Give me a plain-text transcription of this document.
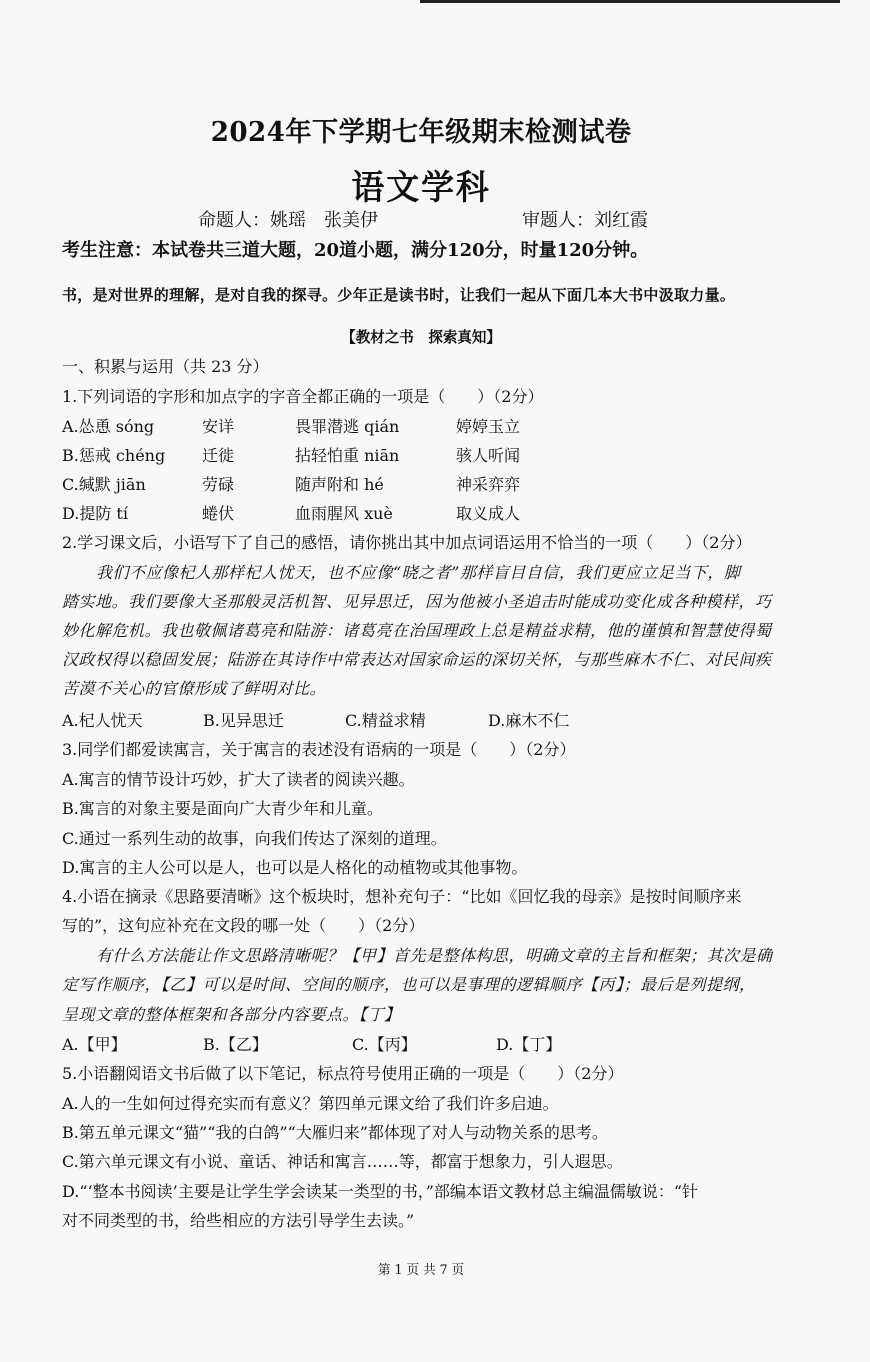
2024年下学期七年级期末检测试卷
语文学科
命题人：姚瑶　张美伊	审题人：刘红霞
考生注意：本试卷共三道大题，20道小题，满分120分，时量120分钟。
书，是对世界的理解，是对自我的探寻。少年正是读书时，让我们一起从下面几本大书中汲取力量。
【教材之书　探索真知】
一、积累与运用（共 23 分）
1.下列词语的字形和加点字的字音全都正确的一项是（　　）（2分）
A.怂恿 sóng	安详	畏罪潜逃 qián	婷婷玉立
B.惩戒 chéng 迁徙	拈轻怕重 niān	骇人听闻
C.缄默 jiān	劳碌	随声附和 hé	神采弈弈
D.提防 tí	蜷伏	血雨腥风 xuè	取义成人
2.学习课文后，小语写下了自己的感悟，请你挑出其中加点词语运用不恰当的一项（　　）（2分）
我们不应像杞人那样杞人忧天，也不应像“晓之者”那样盲目自信，我们更应立足当下，脚
踏实地。我们要像大圣那般灵活机智、见异思迁，因为他被小圣追击时能成功变化成各种模样，巧
妙化解危机。我也敬佩诸葛亮和陆游：诸葛亮在治国理政上总是精益求精，他的谨慎和智慧使得蜀
汉政权得以稳固发展；陆游在其诗作中常表达对国家命运的深切关怀，与那些麻木不仁、对民间疾
苦漠不关心的官僚形成了鲜明对比。
A.杞人忧天	B.见异思迁	C.精益求精	D.麻木不仁
3.同学们都爱读寓言，关于寓言的表述没有语病的一项是（　　）（2分）
A.寓言的情节设计巧妙，扩大了读者的阅读兴趣。
B.寓言的对象主要是面向广大青少年和儿童。
C.通过一系列生动的故事，向我们传达了深刻的道理。
D.寓言的主人公可以是人，也可以是人格化的动植物或其他事物。
4.小语在摘录《思路要清晰》这个板块时，想补充句子：“比如《回忆我的母亲》是按时间顺序来
写的”，这句应补充在文段的哪一处（　　）（2分）
有什么方法能让作文思路清晰呢？【甲】首先是整体构思，明确文章的主旨和框架；其次是确
定写作顺序，【乙】可以是时间、空间的顺序，也可以是事理的逻辑顺序【丙】；最后是列提纲，
呈现文章的整体框架和各部分内容要点。【丁】
A.【甲】	B.【乙】	C.【丙】	D.【丁】
5.小语翻阅语文书后做了以下笔记，标点符号使用正确的一项是（　　）（2分）
A.人的一生如何过得充实而有意义？第四单元课文给了我们许多启迪。
B.第五单元课文“猫”“我的白鸽”“大雁归来”都体现了对人与动物关系的思考。
C.第六单元课文有小说、童话、神话和寓言……等，都富于想象力，引人遐思。
D.“‘整本书阅读’主要是让学生学会读某一类型的书，”部编本语文教材总主编温儒敏说：“针
对不同类型的书，给些相应的方法引导学生去读。”
第 1 页 共 7 页
